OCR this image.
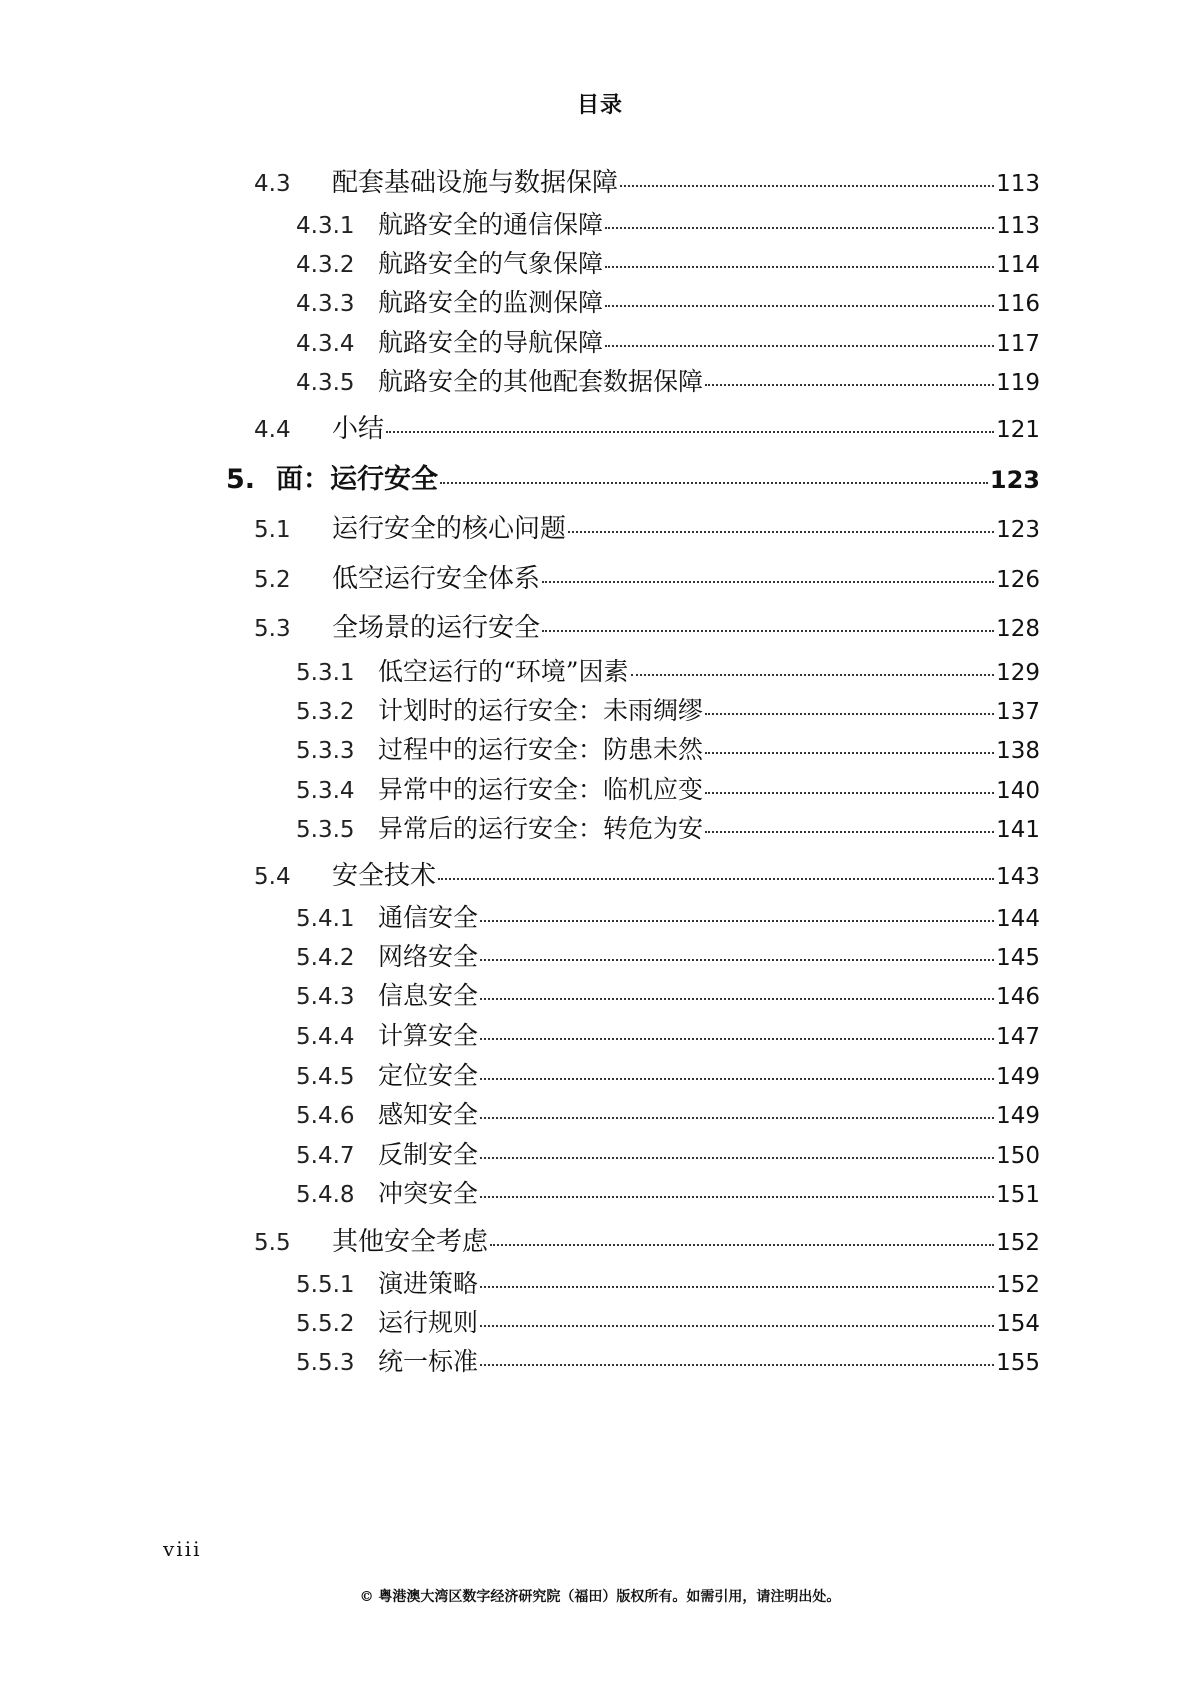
目录
4.3	配套基础设施与数据保障	113
4.3.1 航路安全的通信保障	113
4.3.2 航路安全的气象保障	114
4.3.3 航路安全的监测保障	116
4.3.4 航路安全的导航保障	117
4.3.5 航路安全的其他配套数据保障	119
4.4	小结	121
5. 面：运行安全	123
5.1	运行安全的核心问题	123
5.2	低空运行安全体系	126
5.3	全场景的运行安全	128
5.3.1 低空运行的“环境”因素	129
5.3.2 计划时的运行安全：未雨绸缪	137
5.3.3 过程中的运行安全：防患未然	138
5.3.4 异常中的运行安全：临机应变	140
5.3.5 异常后的运行安全：转危为安	141
5.4	安全技术	143
5.4.1 通信安全	144
5.4.2 网络安全	145
5.4.3 信息安全	146
5.4.4 计算安全	147
5.4.5 定位安全	149
5.4.6 感知安全	149
5.4.7 反制安全	150
5.4.8 冲突安全	151
5.5	其他安全考虑	152
5.5.1 演进策略	152
5.5.2 运行规则	154
5.5.3 统一标准	155
viii
© 粤港澳大湾区数字经济研究院（福田）版权所有。如需引用，请注明出处。
